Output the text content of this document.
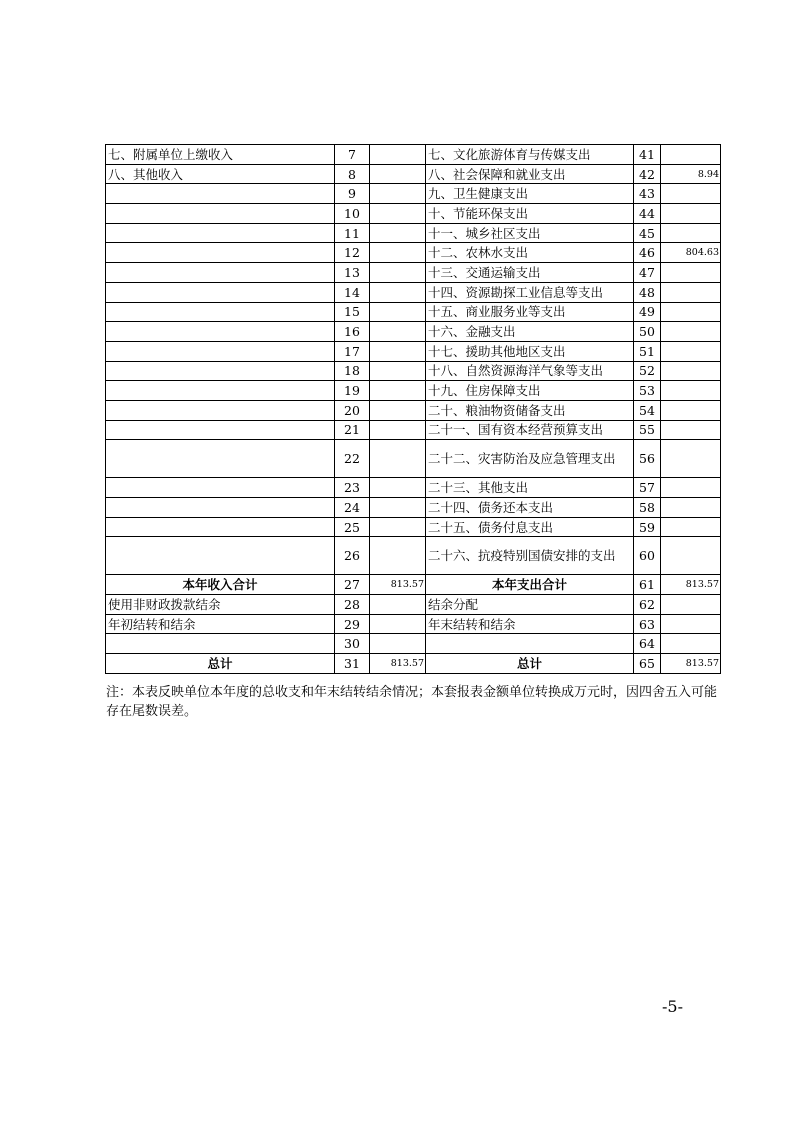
七、附属单位上缴收入	7		七、文化旅游体育与传媒支出	41	
八、其他收入	8		八、社会保障和就业支出	42	8.94
	9		九、卫生健康支出	43	
	10		十、节能环保支出	44	
	11		十一、城乡社区支出	45	
	12		十二、农林水支出	46	804.63
	13		十三、交通运输支出	47	
	14		十四、资源勘探工业信息等支出	48	
	15		十五、商业服务业等支出	49	
	16		十六、金融支出	50	
	17		十七、援助其他地区支出	51	
	18		十八、自然资源海洋气象等支出	52	
	19		十九、住房保障支出	53	
	20		二十、粮油物资储备支出	54	
	21		二十一、国有资本经营预算支出	55	
	22		二十二、灾害防治及应急管理支出	56	
	23		二十三、其他支出	57	
	24		二十四、债务还本支出	58	
	25		二十五、债务付息支出	59	
	26		二十六、抗疫特别国债安排的支出	60	
本年收入合计	27	813.57	本年支出合计	61	813.57
使用非财政拨款结余	28		结余分配	62	
年初结转和结余	29		年末结转和结余	63	
	30			64	
总计	31	813.57	总计	65	813.57
注：本表反映单位本年度的总收支和年末结转结余情况；本套报表金额单位转换成万元时，因四舍五入可能存在尾数误差。
-5-
